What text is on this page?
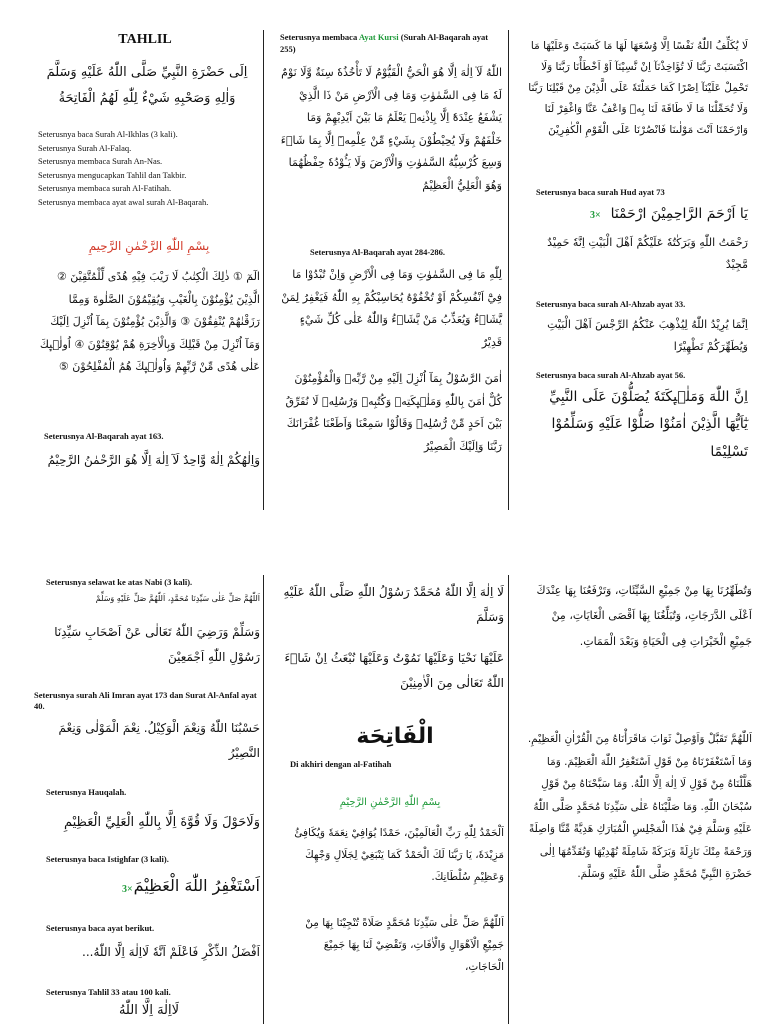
TAHLIL

اِلَى حَضْرَةِ النَّبِيِّ صَلَّى اللّٰهُ عَلَيْهِ وَسَلَّمَ وَاٰلِهِ وَصَحْبِهِ شَيْءٌ لِلّٰهِ لَهُمُ الْفَاتِحَةُ

Seterusnya baca Surah Al-Ikhlas (3 kali).

Seterusnya Surah Al-Falaq.

Seterusnya membaca Surah An-Nas.

Seterusnya mengucapkan Tahlil dan Takbir.

Seterusnya membaca surah Al-Fatihah.

Seterusnya membaca ayat awal surah Al-Baqarah.

بِسْمِ اللّٰهِ الرَّحْمٰنِ الرَّحِيمِ

الٓمٓ ① ذٰلِكَ الْكِتٰبُ لَا رَيْبَ فِيْهِ هُدًى لِّلْمُتَّقِيْنَ ② الَّذِيْنَ يُؤْمِنُوْنَ بِالْغَيْبِ وَيُقِيْمُوْنَ الصَّلٰوةَ وَمِمَّا رَزَقْنٰهُمْ يُنْفِقُوْنَ ③ وَالَّذِيْنَ يُؤْمِنُوْنَ بِمَآ اُنْزِلَ اِلَيْكَ وَمَآ اُنْزِلَ مِنْ قَبْلِكَ وَبِالْاٰخِرَةِ هُمْ يُوْقِنُوْنَ ④ اُولٰۤىِٕكَ عَلٰى هُدًى مِّنْ رَّبِّهِمْ وَاُولٰۤىِٕكَ هُمُ الْمُفْلِحُوْنَ ⑤

Seterusnya Al-Baqarah ayat 163.

وَاِلٰهُكُمْ اِلٰهٌ وَّاحِدٌ لَآ اِلٰهَ اِلَّا هُوَ الرَّحْمٰنُ الرَّحِيْمُ

Seterusnya membaca Ayat Kursi (Surah Al-Baqarah ayat 255)

اللّٰهُ لَآ اِلٰهَ اِلَّا هُوَ الْحَيُّ الْقَيُّوْمُ لَا تَأْخُذُهٗ سِنَةٌ وَّلَا نَوْمٌ لَهٗ مَا فِى السَّمٰوٰتِ وَمَا فِى الْاَرْضِ مَنْ ذَا الَّذِيْ يَشْفَعُ عِنْدَهٗٓ اِلَّا بِاِذْنِهٖ يَعْلَمُ مَا بَيْنَ اَيْدِيْهِمْ وَمَا خَلْفَهُمْ وَلَا يُحِيْطُوْنَ بِشَيْءٍ مِّنْ عِلْمِهٖٓ اِلَّا بِمَا شَاۤءَ وَسِعَ كُرْسِيُّهُ السَّمٰوٰتِ وَالْاَرْضَ وَلَا يَـُٔوْدُهٗ حِفْظُهُمَا وَهُوَ الْعَلِيُّ الْعَظِيْمُ

Seterusnya Al-Baqarah ayat 284-286.

لِلّٰهِ مَا فِى السَّمٰوٰتِ وَمَا فِى الْاَرْضِ وَاِنْ تُبْدُوْا مَا فِيْٓ اَنْفُسِكُمْ اَوْ تُخْفُوْهُ يُحَاسِبْكُمْ بِهِ اللّٰهُ فَيَغْفِرُ لِمَنْ يَّشَاۤءُ وَيُعَذِّبُ مَنْ يَّشَاۤءُ وَاللّٰهُ عَلٰى كُلِّ شَيْءٍ قَدِيْرٌ

اٰمَنَ الرَّسُوْلُ بِمَآ اُنْزِلَ اِلَيْهِ مِنْ رَّبِّهٖ وَالْمُؤْمِنُوْنَ كُلٌّ اٰمَنَ بِاللّٰهِ وَمَلٰۤىِٕكَتِهٖ وَكُتُبِهٖ وَرُسُلِهٖ لَا نُفَرِّقُ بَيْنَ اَحَدٍ مِّنْ رُّسُلِهٖ وَقَالُوْا سَمِعْنَا وَاَطَعْنَا غُفْرَانَكَ رَبَّنَا وَاِلَيْكَ الْمَصِيْرُ

لَا يُكَلِّفُ اللّٰهُ نَفْسًا اِلَّا وُسْعَهَا لَهَا مَا كَسَبَتْ وَعَلَيْهَا مَا اكْتَسَبَتْ رَبَّنَا لَا تُؤَاخِذْنَآ اِنْ نَّسِيْنَآ اَوْ اَخْطَأْنَا رَبَّنَا وَلَا تَحْمِلْ عَلَيْنَآ اِصْرًا كَمَا حَمَلْتَهٗ عَلَى الَّذِيْنَ مِنْ قَبْلِنَا رَبَّنَا وَلَا تُحَمِّلْنَا مَا لَا طَاقَةَ لَنَا بِهٖ وَاعْفُ عَنَّا وَاغْفِرْ لَنَا وَارْحَمْنَا اَنْتَ مَوْلٰىنَا فَانْصُرْنَا عَلَى الْقَوْمِ الْكٰفِرِيْنَ

Seterusnya baca surah Hud ayat 73

3× يَا اَرْحَمَ الرَّاحِمِيْنَ ارْحَمْنَا

رَحْمَتُ اللّٰهِ وَبَرَكٰتُهٗ عَلَيْكُمْ اَهْلَ الْبَيْتِ اِنَّهٗ حَمِيْدٌ مَّجِيْدٌ

Seterusnya baca surah Al-Ahzab ayat 33.

اِنَّمَا يُرِيْدُ اللّٰهُ لِيُذْهِبَ عَنْكُمُ الرِّجْسَ اَهْلَ الْبَيْتِ وَيُطَهِّرَكُمْ تَطْهِيْرًا

Seterusnya baca surah Al-Ahzab ayat 56.

اِنَّ اللّٰهَ وَمَلٰۤىِٕكَتَهٗ يُصَلُّوْنَ عَلَى النَّبِيِّ يٰٓاَيُّهَا الَّذِيْنَ اٰمَنُوْا صَلُّوْا عَلَيْهِ وَسَلِّمُوْا تَسْلِيْمًا

Seterusnya selawat ke atas Nabi (3 kali).

اَللّٰهُمَّ صَلِّ عَلٰى سَيِّدِنَا مُحَمَّدٍ، اَللّٰهُمَّ صَلِّ عَلَيْهِ وَسَلِّمْ

وَسَلِّمْ وَرَضِيَ اللّٰهُ تَعَالٰى عَنْ اَصْحَابِ سَيِّدِنَا رَسُوْلِ اللّٰهِ اَجْمَعِيْنَ

Seterusnya surah Ali Imran ayat 173 dan Surat Al-Anfal ayat 40.

حَسْبُنَا اللّٰهُ وَنِعْمَ الْوَكِيْلُ. نِعْمَ الْمَوْلٰى وَنِعْمَ النَّصِيْرُ

Seterusnya Hauqalah.

وَلَاحَوْلَ وَلَا قُوَّةَ اِلَّا بِاللّٰهِ الْعَلِيِّ الْعَظِيْمِ

Seterusnya baca Istighfar (3 kali).

3× اَسْتَغْفِرُ اللّٰهَ الْعَظِيْمَ

Seterusnya baca ayat berikut.

اَفْضَلُ الذِّكْرِ فَاعْلَمْ اَنَّهٗ لَااِلٰهَ اِلَّا اللّٰهُ...

Seterusnya Tahlil 33 atau 100 kali.

لَااِلٰهَ اِلَّا اللّٰهُ

لَا اِلٰهَ اِلَّا اللّٰهُ مُحَمَّدٌ رَسُوْلُ اللّٰهِ صَلَّى اللّٰهُ عَلَيْهِ وَسَلَّمَ

عَلَيْهَا نَحْيَا وَعَلَيْهَا نَمُوْتُ وَعَلَيْهَا نُبْعَثُ اِنْ شَاۤءَ اللّٰهُ تَعَالٰى مِنَ الْاٰمِنِيْنَ

الْفَاتِحَة

Di akhiri dengan al-Fatihah

بِسْمِ اللّٰهِ الرَّحْمٰنِ الرَّحِيْمِ

اَلْحَمْدُ لِلّٰهِ رَبِّ الْعَالَمِيْنَ، حَمْدًا يُوَافِيْ نِعَمَهٗ وَيُكَافِئُ مَزِيْدَهٗ، يَا رَبَّنَا لَكَ الْحَمْدُ كَمَا يَنْبَغِيْ لِجَلَالِ وَجْهِكَ وَعَظِيْمِ سُلْطَانِكَ.

اَللّٰهُمَّ صَلِّ عَلٰى سَيِّدِنَا مُحَمَّدٍ صَلَاةً تُنْجِيْنَا بِهَا مِنْ جَمِيْعِ الْاَهْوَالِ وَالْاٰفَاتِ، وَتَقْضِيْ لَنَا بِهَا جَمِيْعَ الْحَاجَاتِ،

وَتُطَهِّرُنَا بِهَا مِنْ جَمِيْعِ السَّيِّئَاتِ، وَتَرْفَعُنَا بِهَا عِنْدَكَ اَعْلَى الدَّرَجَاتِ، وَتُبَلِّغُنَا بِهَا اَقْصَى الْغَايَاتِ، مِنْ جَمِيْعِ الْخَيْرَاتِ فِى الْحَيَاةِ وَبَعْدَ الْمَمَاتِ.

اَللّٰهُمَّ تَقَبَّلْ وَاَوْصِلْ ثَوَابَ مَاقَرَأْنَاهُ مِنَ الْقُرْاٰنِ الْعَظِيْمِ. وَمَا اَسْتَغْفَرْنَاهُ مِنْ قَوْلِ اَسْتَغْفِرُ اللّٰهَ الْعَظِيْمَ. وَمَا هَلَّلْنَاهُ مِنْ قَوْلِ لَا اِلٰهَ اِلَّا اللّٰهُ. وَمَا سَبَّحْنَاهُ مِنْ قَوْلِ سُبْحَانَ اللّٰهِ. وَمَا صَلَّيْنَاهُ عَلٰى سَيِّدِنَا مُحَمَّدٍ صَلَّى اللّٰهُ عَلَيْهِ وَسَلَّمَ فِيْ هٰذَا الْمَجْلِسِ الْمُبَارَكِ هَدِيَّةً مِّنَّا وَاصِلَةً وَرَحْمَةً مِنْكَ نَازِلَةً وَبَرَكَةً شَامِلَةً نُهْدِيْهَا وَنُقَدِّمُهَا اِلٰى حَضْرَةِ النَّبِيِّ مُحَمَّدٍ صَلَّى اللّٰهُ عَلَيْهِ وَسَلَّمَ.
